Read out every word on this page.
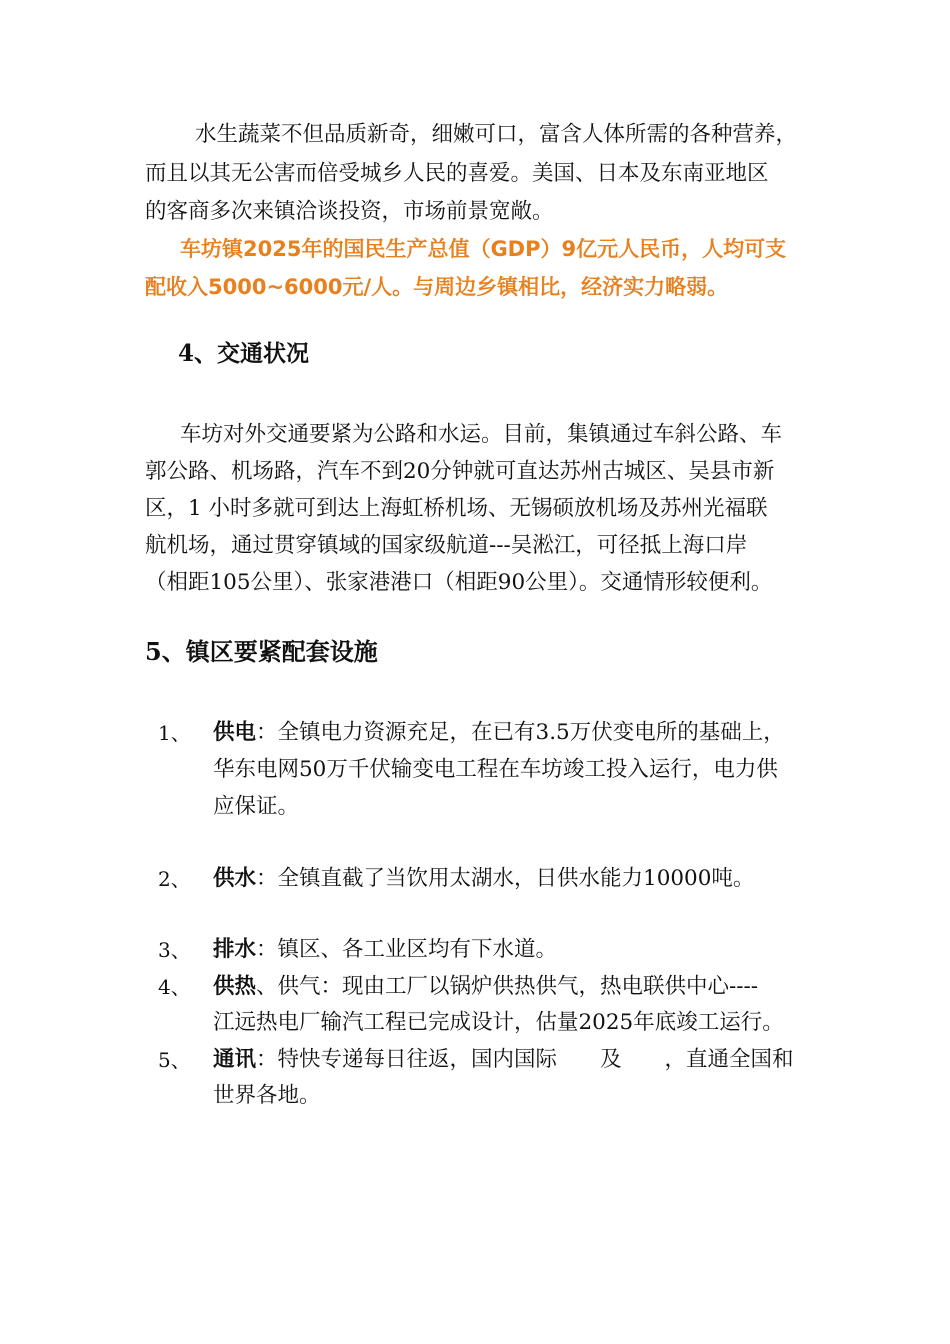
水生蔬菜不但品质新奇，细嫩可口，富含人体所需的各种营养，
而且以其无公害而倍受城乡人民的喜爱。美国、日本及东南亚地区
的客商多次来镇洽谈投资，市场前景宽敞。
车坊镇2025年的国民生产总值（GDP）9亿元人民币，人均可支
配收入5000~6000元/人。与周边乡镇相比，经济实力略弱。
4、交通状况
车坊对外交通要紧为公路和水运。目前，集镇通过车斜公路、车
郭公路、机场路，汽车不到20分钟就可直达苏州古城区、吴县市新
区，1 小时多就可到达上海虹桥机场、无锡硕放机场及苏州光福联
航机场，通过贯穿镇域的国家级航道---吴淞江，可径抵上海口岸
（相距105公里）、张家港港口（相距90公里）。交通情形较便利。
5、镇区要紧配套设施
1、 供电：全镇电力资源充足，在已有3.5万伏变电所的基础上，
华东电网50万千伏输变电工程在车坊竣工投入运行，电力供
应保证。
2、 供水：全镇直截了当饮用太湖水，日供水能力10000吨。
3、 排水：镇区、各工业区均有下水道。
4、 供热、供气：现由工厂以锅炉供热供气，热电联供中心----
江远热电厂输汽工程已完成设计，估量2025年底竣工运行。
5、 通讯：特快专递每日往返，国内国际　　及　　，直通全国和
世界各地。
